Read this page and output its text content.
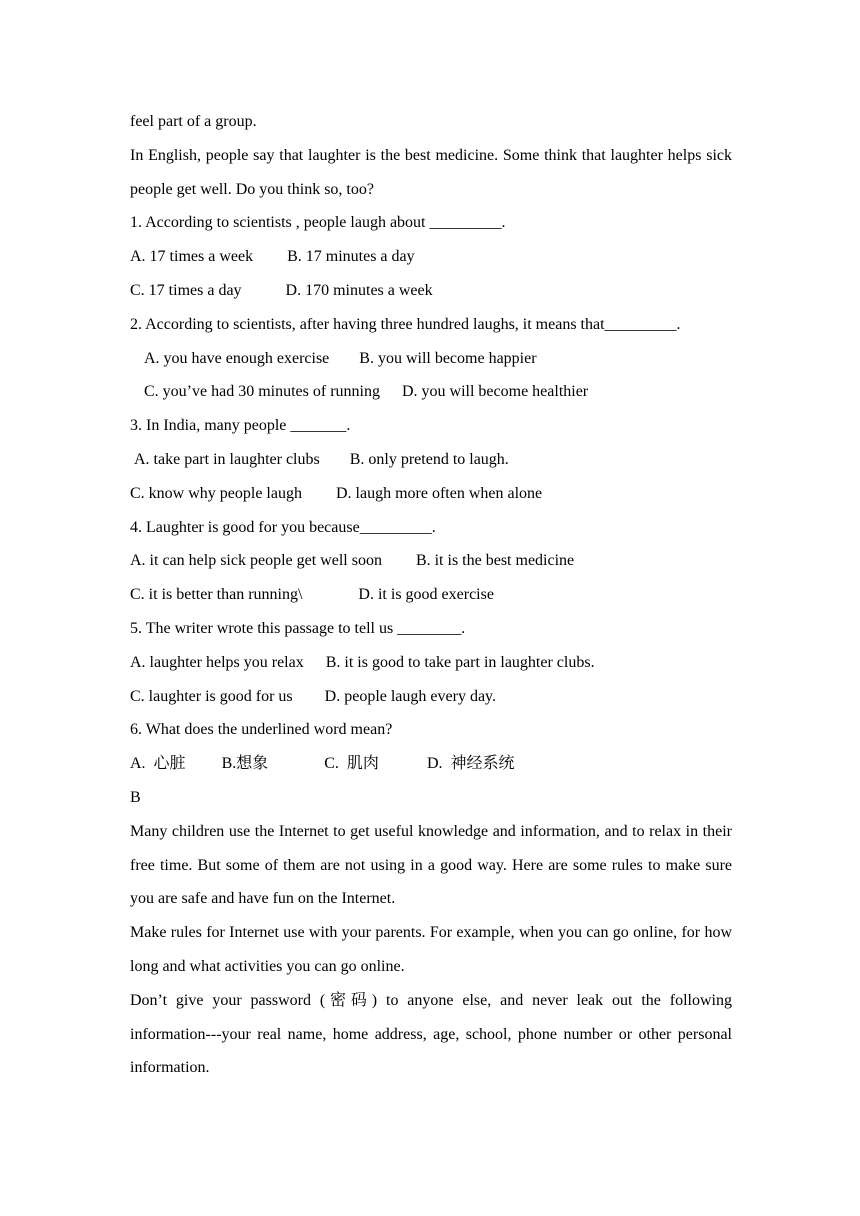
feel part of a group.
In English, people say that laughter is the best medicine. Some think that laughter helps sick people get well. Do you think so, too?
1. According to scientists , people laugh about _________.
A. 17 times a week B. 17 minutes a day
C. 17 times a day	D. 170 minutes a week
2. According to scientists, after having three hundred laughs, it means that_________.
A. you have enough exercise B. you will become happier
C. you’ve had 30 minutes of running D. you will become healthier
3. In India, many people _______.
A. take part in laughter clubs B. only pretend to laugh.
C. know why people laugh D. laugh more often when alone
4. Laughter is good for you because_________.
A. it can help sick people get well soon B. it is the best medicine
C. it is better than running\	D. it is good exercise
5. The writer wrote this passage to tell us ________.
A. laughter helps you relax B. it is good to take part in laughter clubs.
C. laughter is good for us D. people laugh every day.
6. What does the underlined word mean?
A.  心脏 B.想象	C.  肌肉	D.  神经系统
B
Many children use the Internet to get useful knowledge and information, and to relax in their free time. But some of them are not using in a good way. Here are some rules to make sure you are safe and have fun on the Internet.
Make rules for Internet use with your parents. For example, when you can go online, for how long and what activities you can go online.
Don’t give your password (密码) to anyone else, and never leak out the following information---your real name, home address, age, school, phone number or other personal information.
